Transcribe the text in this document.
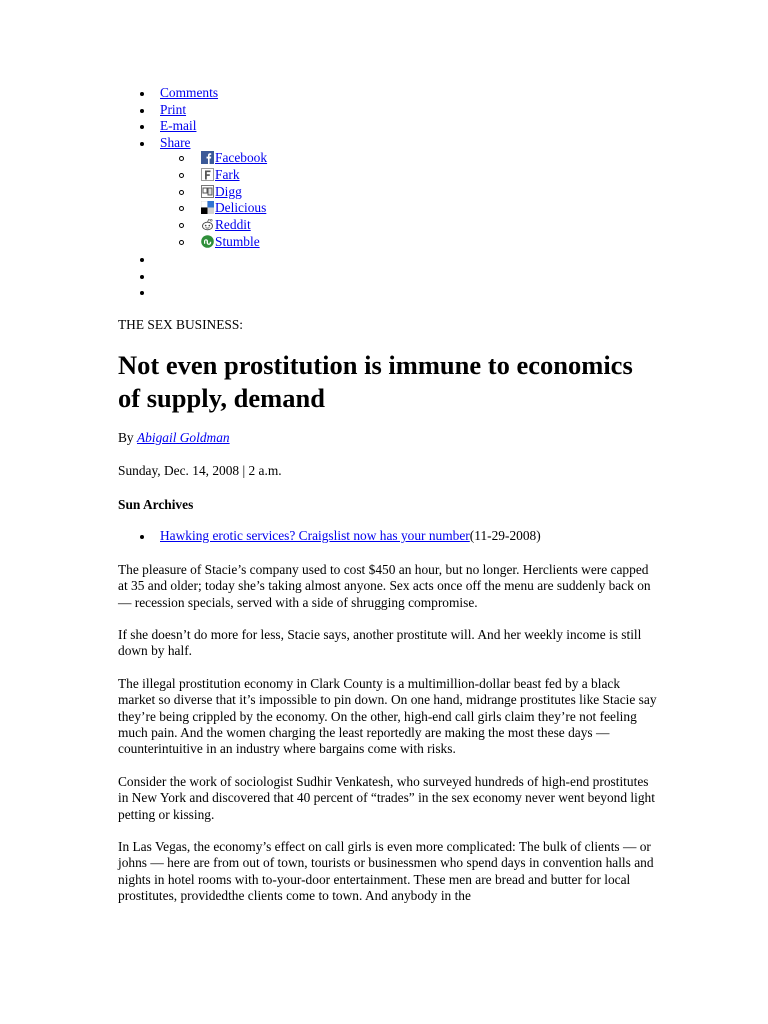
Comments
Print
E-mail
Share
Facebook
Fark
Digg
Delicious
Reddit
Stumble
THE SEX BUSINESS:
Not even prostitution is immune to economics of supply, demand
By Abigail Goldman
Sunday, Dec. 14, 2008 | 2 a.m.
Sun Archives
Hawking erotic services? Craigslist now has your number(11-29-2008)

The pleasure of Stacie’s company used to cost $450 an hour, but no longer. Herclients were capped at 35 and older; today she’s taking almost anyone. Sex acts once off the menu are suddenly back on — recession specials, served with a side of shrugging compromise.

If she doesn’t do more for less, Stacie says, another prostitute will. And her weekly income is still down by half.

The illegal prostitution economy in Clark County is a multimillion-dollar beast fed by a black market so diverse that it’s impossible to pin down. On one hand, midrange prostitutes like Stacie say they’re being crippled by the economy. On the other, high-end call girls claim they’re not feeling much pain. And the women charging the least reportedly are making the most these days — counterintuitive in an industry where bargains come with risks.

Consider the work of sociologist Sudhir Venkatesh, who surveyed hundreds of high-end prostitutes in New York and discovered that 40 percent of “trades” in the sex economy never went beyond light petting or kissing.

In Las Vegas, the economy’s effect on call girls is even more complicated: The bulk of clients — or johns — here are from out of town, tourists or businessmen who spend days in convention halls and nights in hotel rooms with to-your-door entertainment. These men are bread and butter for local prostitutes, providedthe clients come to town. And anybody in the
